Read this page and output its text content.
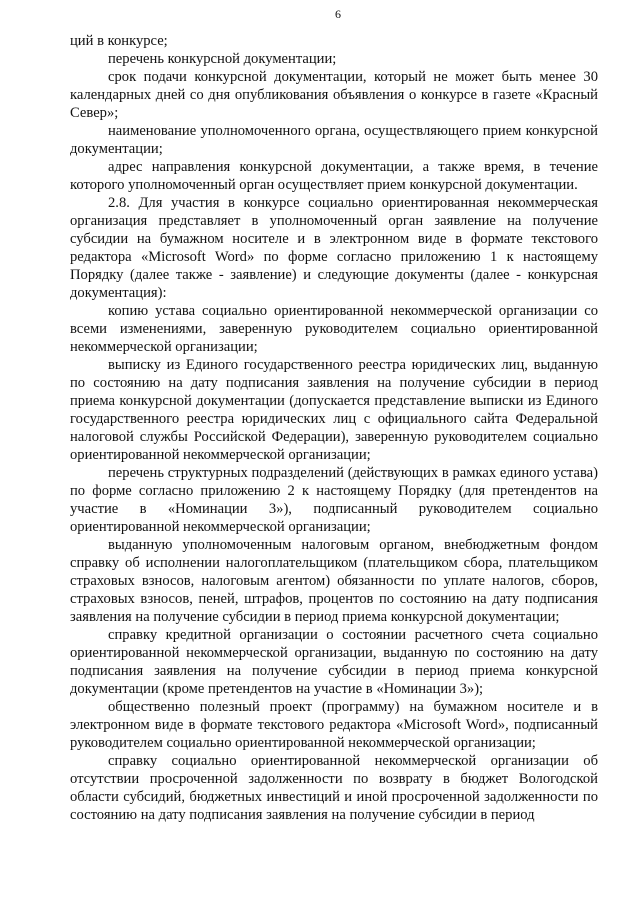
6

ций в конкурсе;

перечень конкурсной документации;

срок подачи конкурсной документации, который не может быть менее 30 календарных дней со дня опубликования объявления о конкурсе в газете «Красный Север»;

наименование уполномоченного органа, осуществляющего прием конкурсной документации;

адрес направления конкурсной документации, а также время, в течение которого уполномоченный орган осуществляет прием конкурсной документации.

2.8. Для участия в конкурсе социально ориентированная некоммерческая организация представляет в уполномоченный орган заявление на получение субсидии на бумажном носителе и в электронном виде в формате текстового редактора «Microsoft Word» по форме согласно приложению 1 к настоящему Порядку (далее также - заявление) и следующие документы (далее - конкурсная документация):

копию устава социально ориентированной некоммерческой организации со всеми изменениями, заверенную руководителем социально ориентированной некоммерческой организации;

выписку из Единого государственного реестра юридических лиц, выданную по состоянию на дату подписания заявления на получение субсидии в период приема конкурсной документации (допускается представление выписки из Единого государственного реестра юридических лиц с официального сайта Федеральной налоговой службы Российской Федерации), заверенную руководителем социально ориентированной некоммерческой организации;

перечень структурных подразделений (действующих в рамках единого устава) по форме согласно приложению 2 к настоящему Порядку (для претендентов на участие в «Номинации 3»), подписанный руководителем социально ориентированной некоммерческой организации;

выданную уполномоченным налоговым органом, внебюджетным фондом справку об исполнении налогоплательщиком (плательщиком сбора, плательщиком страховых взносов, налоговым агентом) обязанности по уплате налогов, сборов, страховых взносов, пеней, штрафов, процентов по состоянию на дату подписания заявления на получение субсидии в период приема конкурсной документации;

справку кредитной организации о состоянии расчетного счета социально ориентированной некоммерческой организации, выданную по состоянию на дату подписания заявления на получение субсидии в период приема конкурсной документации (кроме претендентов на участие в «Номинации 3»);

общественно полезный проект (программу) на бумажном носителе и в электронном виде в формате текстового редактора «Microsoft Word», подписанный руководителем социально ориентированной некоммерческой организации;

справку социально ориентированной некоммерческой организации об отсутствии просроченной задолженности по возврату в бюджет Вологодской области субсидий, бюджетных инвестиций и иной просроченной задолженности по состоянию на дату подписания заявления на получение субсидии в период
